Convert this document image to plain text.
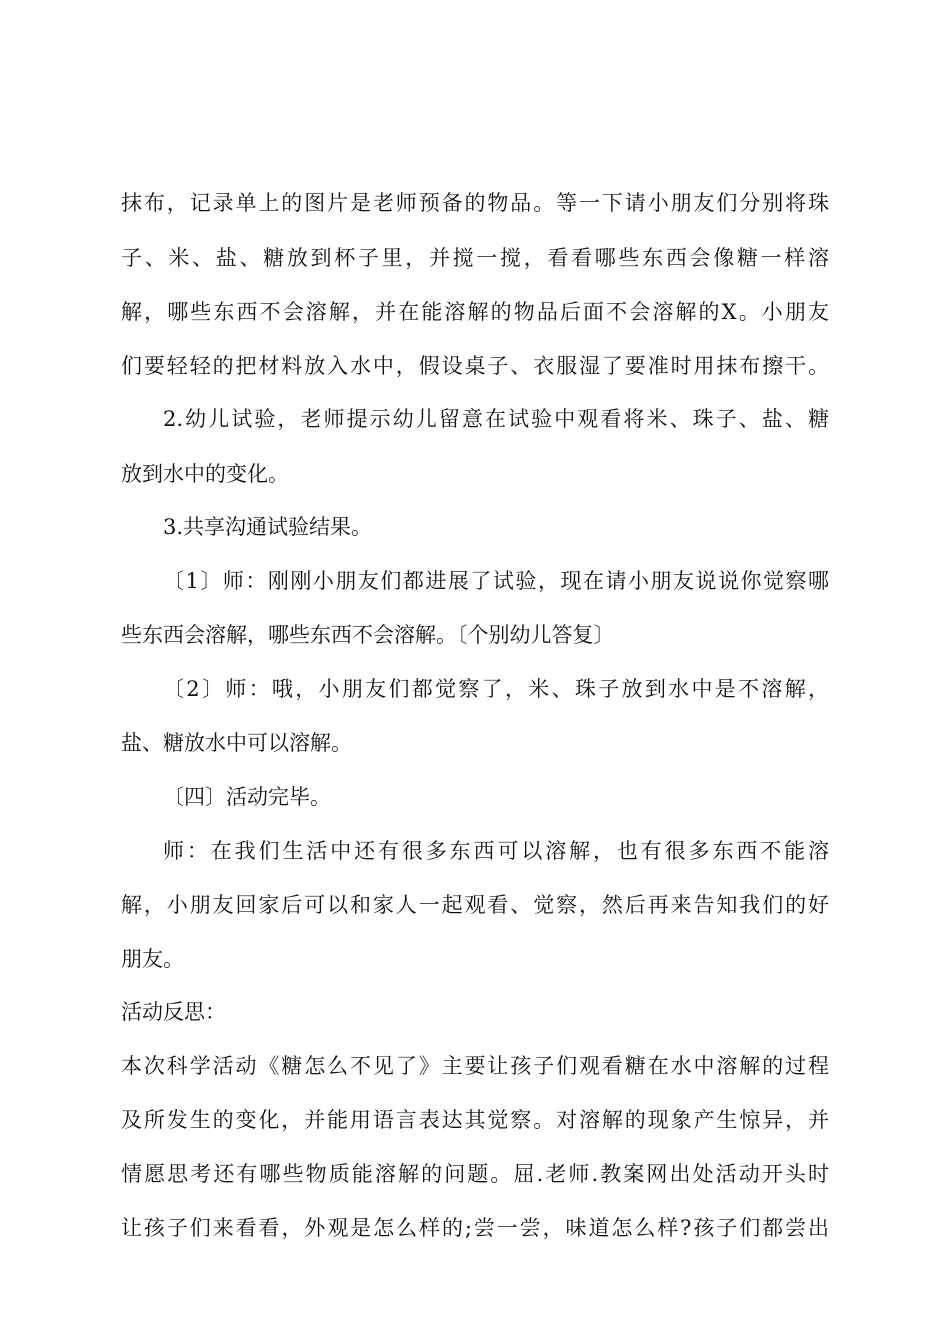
抹布，记录单上的图片是老师预备的物品。等一下请小朋友们分别将珠
子、米、盐、糖放到杯子里，并搅一搅，看看哪些东西会像糖一样溶
解，哪些东西不会溶解，并在能溶解的物品后面不会溶解的X。小朋友
们要轻轻的把材料放入水中，假设桌子、衣服湿了要准时用抹布擦干。
2.幼儿试验，老师提示幼儿留意在试验中观看将米、珠子、盐、糖
放到水中的变化。
3.共享沟通试验结果。
〔1〕师：刚刚小朋友们都进展了试验，现在请小朋友说说你觉察哪
些东西会溶解，哪些东西不会溶解。〔个别幼儿答复〕
〔2〕师：哦，小朋友们都觉察了，米、珠子放到水中是不溶解，
盐、糖放水中可以溶解。
〔四〕活动完毕。
师：在我们生活中还有很多东西可以溶解，也有很多东西不能溶
解，小朋友回家后可以和家人一起观看、觉察，然后再来告知我们的好
朋友。
活动反思：
本次科学活动《糖怎么不见了》主要让孩子们观看糖在水中溶解的过程
及所发生的变化，并能用语言表达其觉察。对溶解的现象产生惊异，并
情愿思考还有哪些物质能溶解的问题。屈.老师.教案网出处活动开头时
让孩子们来看看，外观是怎么样的;尝一尝，味道怎么样?孩子们都尝出
